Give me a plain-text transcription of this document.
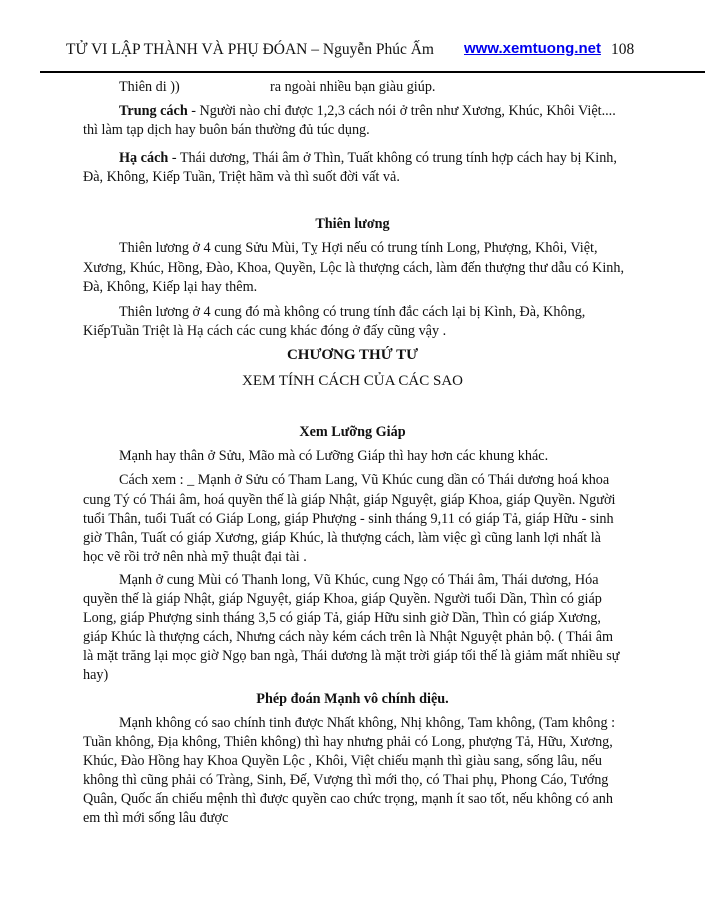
TỬ VI LẬP THÀNH VÀ PHỤ ĐÓAN – Nguyễn Phúc Ấm www.xemtuong.net 108
Thiên di ))	ra ngoài nhiều bạn giàu giúp.
Trung cách - Người nào chỉ được 1,2,3 cách nói ở trên như Xương, Khúc, Khôi Việt....
thì làm tạp dịch hay buôn bán thường đủ túc dụng.
Hạ cách - Thái dương, Thái âm ở Thìn, Tuất không có trung tính hợp cách hay bị Kinh,
Đà, Không, Kiếp Tuần, Triệt hãm và thì suốt đời vất vả.
Thiên lương
Thiên lương ở 4 cung Sửu Mùi, Tỵ Hợi nếu có trung tính Long, Phượng, Khôi, Việt,
Xương, Khúc, Hồng, Đào, Khoa, Quyền, Lộc là thượng cách, làm đến thượng thư dẫu có Kinh,
Đà, Không, Kiếp lại hay thêm.
Thiên lương ở 4 cung đó mà không có trung tính đắc cách lại bị Kình, Đà, Không,
KiếpTuần Triệt là Hạ cách các cung khác đóng ở đấy cũng vậy .
CHƯƠNG THỨ TƯ
XEM TÍNH CÁCH CỦA CÁC SAO
Xem Lưỡng Giáp
Mạnh hay thân ở Sửu, Mão mà có Lưỡng Giáp thì hay hơn các khung khác.
Cách xem : _ Mạnh ở Sửu có Tham Lang, Vũ Khúc cung dần có Thái dương hoá khoa
cung Tý có Thái âm, hoá quyền thế là giáp Nhật, giáp Nguyệt, giáp Khoa, giáp Quyền. Người
tuổi Thân, tuổi Tuất có Giáp Long, giáp Phượng - sinh tháng 9,11 có giáp Tả, giáp Hữu - sinh
giờ Thân, Tuất có giáp Xương, giáp Khúc, là thượng cách, làm việc gì cũng lanh lợi nhất là
học vẽ rồi trở nên nhà mỹ thuật đại tài .
Mạnh ở cung Mùi có Thanh long, Vũ Khúc, cung Ngọ có Thái âm, Thái dương, Hóa
quyền thế là giáp Nhật, giáp Nguyệt, giáp Khoa, giáp Quyền. Người tuổi Dần, Thìn có giáp
Long, giáp Phượng sinh tháng 3,5 có giáp Tả, giáp Hữu sinh giờ Dần, Thìn có giáp Xương,
giáp Khúc là thượng cách, Nhưng cách này kém cách trên là Nhật Nguyệt phản bộ. ( Thái âm
là mặt trăng lại mọc giờ Ngọ ban ngà, Thái dương là mặt trời giáp tối thế là giảm mất nhiều sự
hay)
Phép đoán Mạnh vô chính diệu.
Mạnh không có sao chính tinh được Nhất không, Nhị không, Tam không, (Tam không :
Tuần không, Địa không, Thiên không) thì hay nhưng phải có Long, phượng Tả, Hữu, Xương,
Khúc, Đào Hồng hay Khoa Quyền Lộc , Khôi, Việt chiếu mạnh thì giàu sang, sống lâu, nếu
không thì cũng phải có Tràng, Sinh, Đế, Vượng thì mới thọ, có Thai phụ, Phong Cáo, Tướng
Quân, Quốc ấn chiếu mệnh thì được quyền cao chức trọng, mạnh ít sao tốt, nếu không có anh
em thì mới sống lâu được
